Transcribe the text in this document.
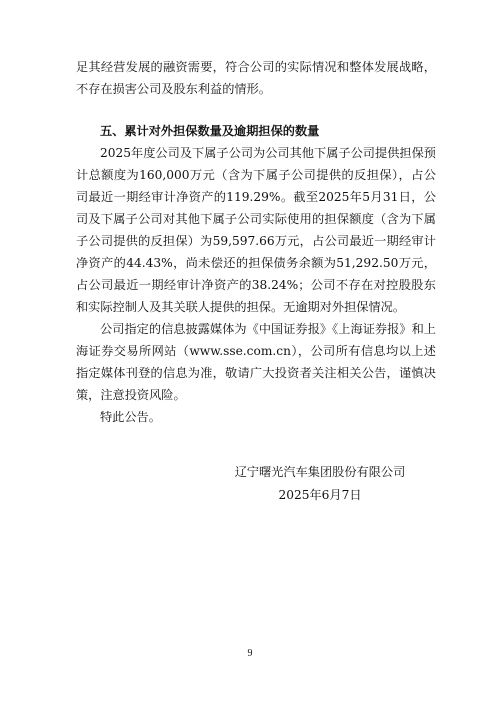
足其经营发展的融资需要，符合公司的实际情况和整体发展战略，不存在损害公司及股东利益的情形。

五、累计对外担保数量及逾期担保的数量

2025年度公司及下属子公司为公司其他下属子公司提供担保预计总额度为160,000万元（含为下属子公司提供的反担保），占公司最近一期经审计净资产的119.29%。截至2025年5月31日，公司及下属子公司对其他下属子公司实际使用的担保额度（含为下属子公司提供的反担保）为59,597.66万元，占公司最近一期经审计净资产的44.43%，尚未偿还的担保债务余额为51,292.50万元，占公司最近一期经审计净资产的38.24%；公司不存在对控股股东和实际控制人及其关联人提供的担保。无逾期对外担保情况。

公司指定的信息披露媒体为《中国证券报》《上海证券报》和上海证券交易所网站（www.sse.com.cn），公司所有信息均以上述指定媒体刊登的信息为准，敬请广大投资者关注相关公告，谨慎决策，注意投资风险。

特此公告。

辽宁曙光汽车集团股份有限公司
2025年6月7日
9
